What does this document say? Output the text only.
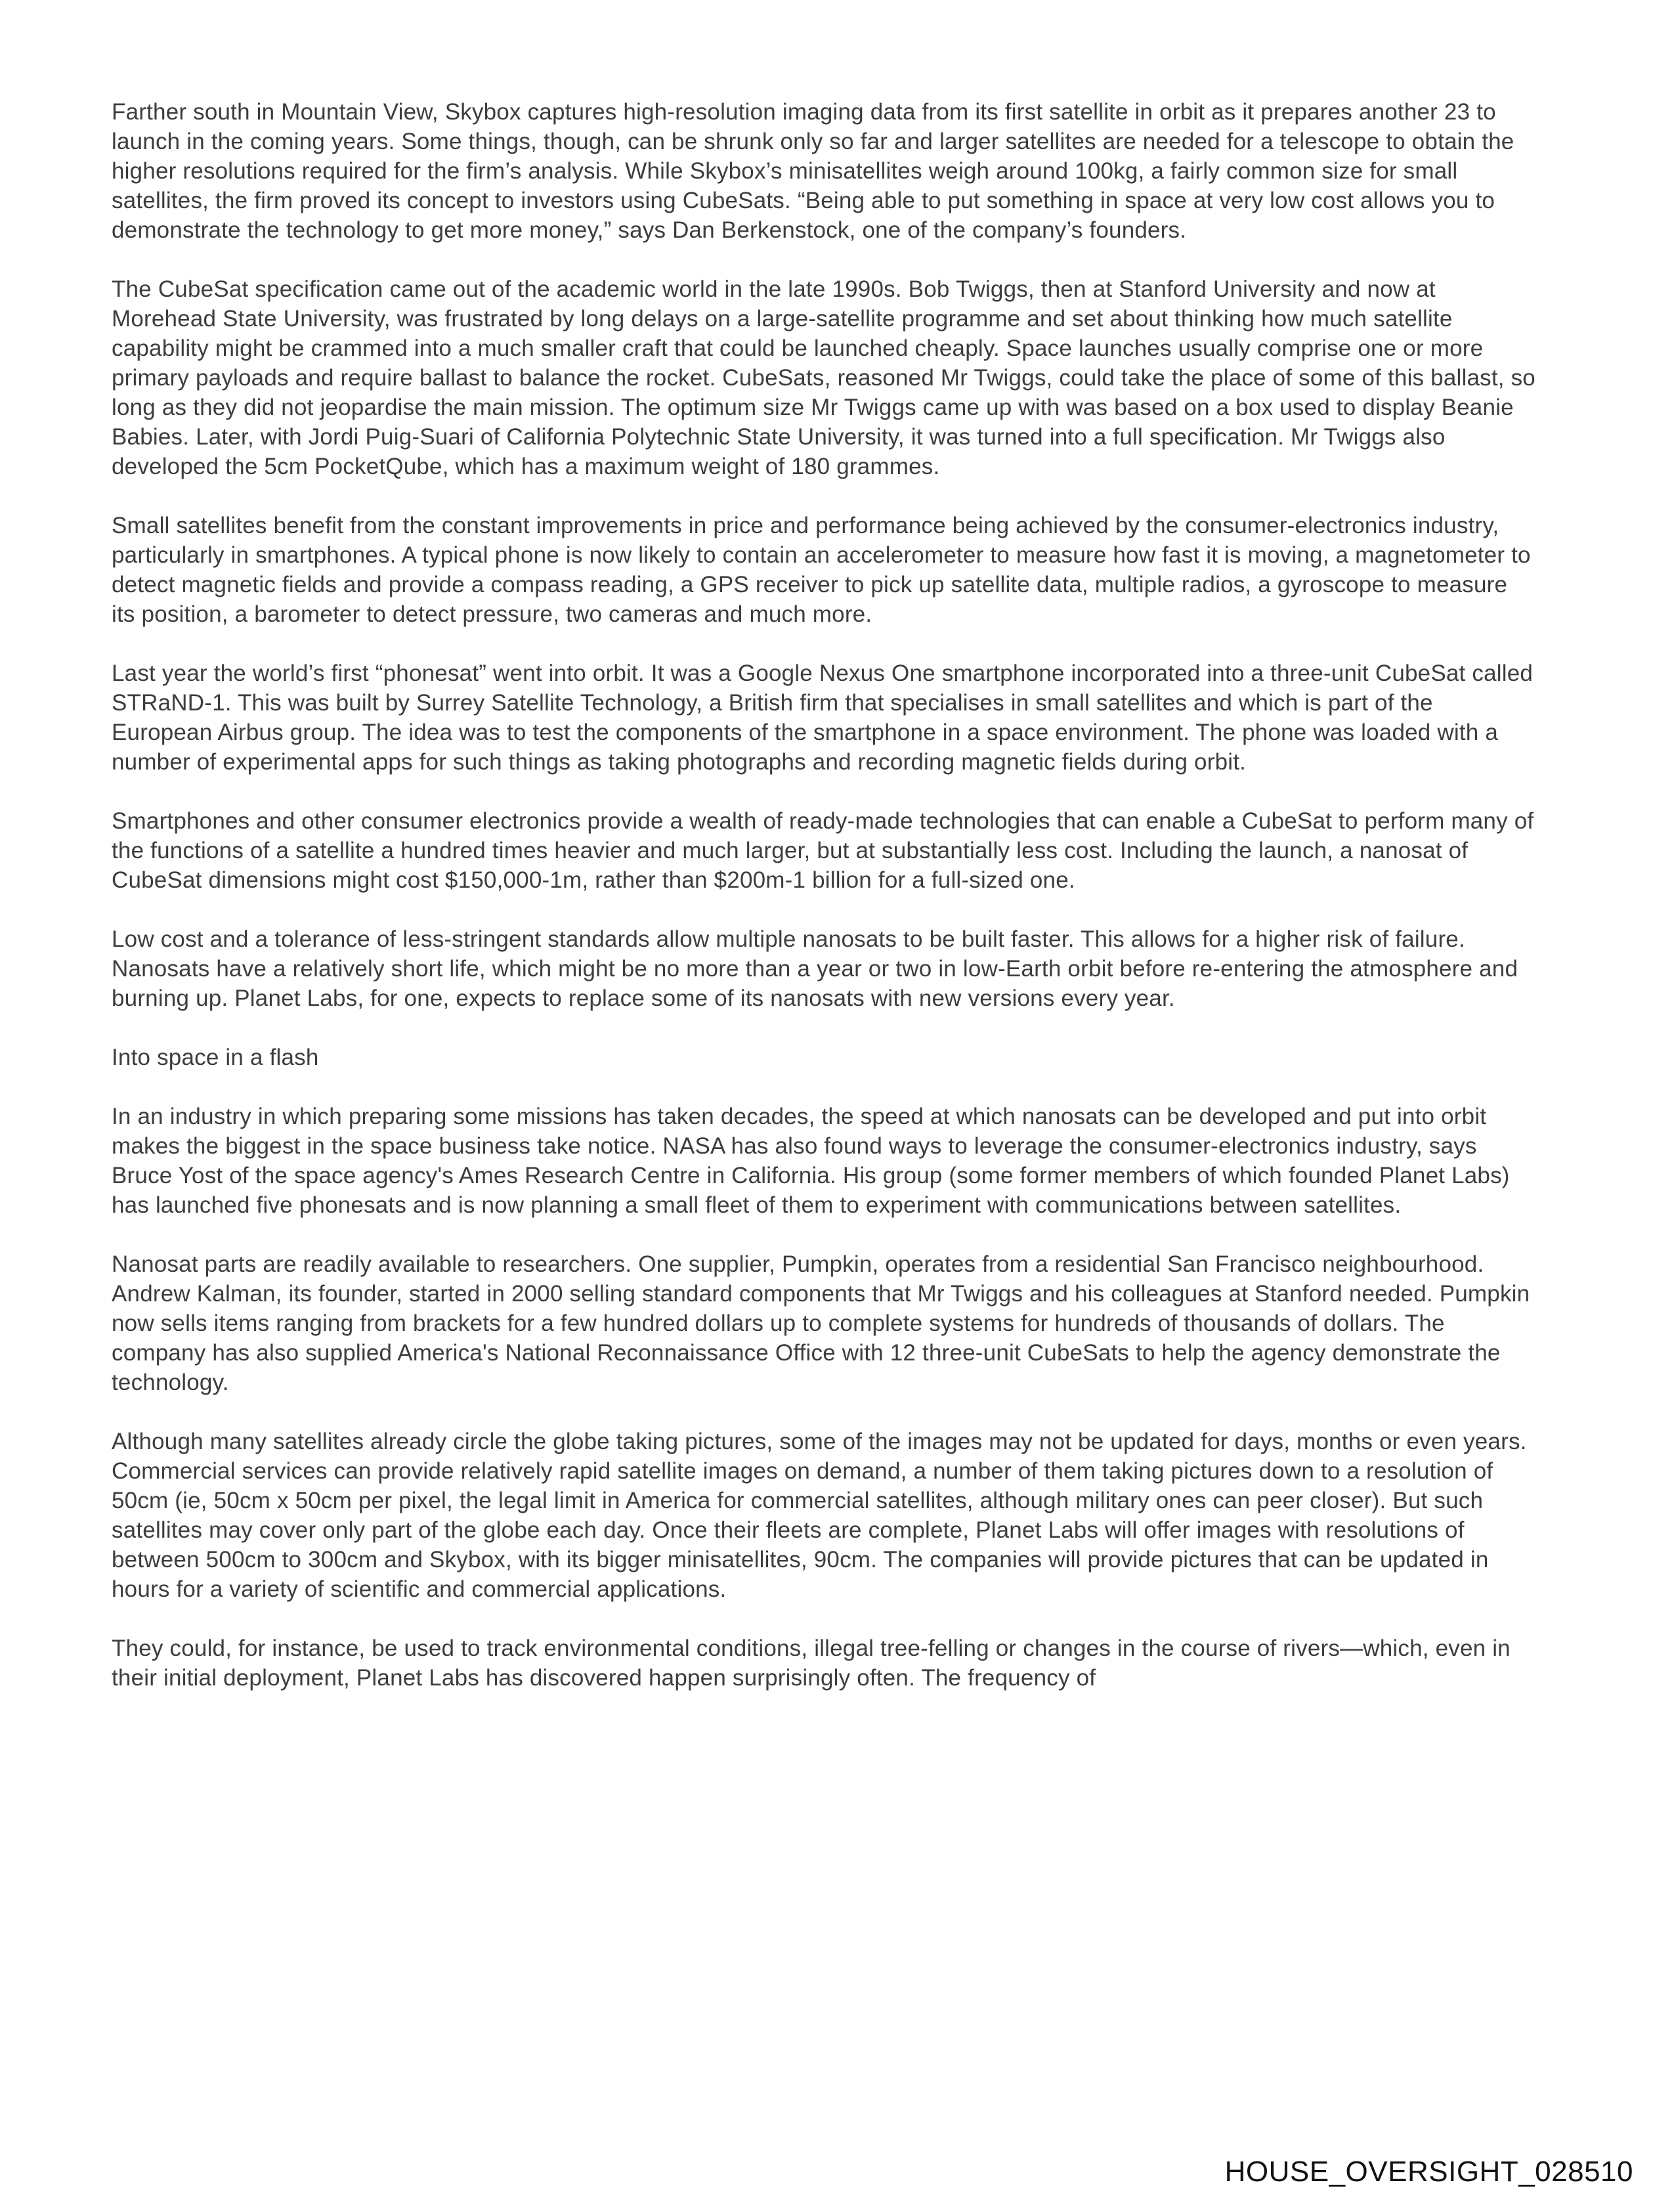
Farther south in Mountain View, Skybox captures high-resolution imaging data from its first satellite in orbit as it prepares another 23 to launch in the coming years. Some things, though, can be shrunk only so far and larger satellites are needed for a telescope to obtain the higher resolutions required for the firm’s analysis. While Skybox’s minisatellites weigh around 100kg, a fairly common size for small satellites, the firm proved its concept to investors using CubeSats. “Being able to put something in space at very low cost allows you to demonstrate the technology to get more money,” says Dan Berkenstock, one of the company’s founders.

The CubeSat specification came out of the academic world in the late 1990s. Bob Twiggs, then at Stanford University and now at Morehead State University, was frustrated by long delays on a large-satellite programme and set about thinking how much satellite capability might be crammed into a much smaller craft that could be launched cheaply. Space launches usually comprise one or more primary payloads and require ballast to balance the rocket. CubeSats, reasoned Mr Twiggs, could take the place of some of this ballast, so long as they did not jeopardise the main mission. The optimum size Mr Twiggs came up with was based on a box used to display Beanie Babies. Later, with Jordi Puig-Suari of California Polytechnic State University, it was turned into a full specification. Mr Twiggs also developed the 5cm PocketQube, which has a maximum weight of 180 grammes.

Small satellites benefit from the constant improvements in price and performance being achieved by the consumer-electronics industry, particularly in smartphones. A typical phone is now likely to contain an accelerometer to measure how fast it is moving, a magnetometer to detect magnetic fields and provide a compass reading, a GPS receiver to pick up satellite data, multiple radios, a gyroscope to measure its position, a barometer to detect pressure, two cameras and much more.

Last year the world’s first “phonesat” went into orbit. It was a Google Nexus One smartphone incorporated into a three-unit CubeSat called STRaND-1. This was built by Surrey Satellite Technology, a British firm that specialises in small satellites and which is part of the European Airbus group. The idea was to test the components of the smartphone in a space environment. The phone was loaded with a number of experimental apps for such things as taking photographs and recording magnetic fields during orbit.

Smartphones and other consumer electronics provide a wealth of ready-made technologies that can enable a CubeSat to perform many of the functions of a satellite a hundred times heavier and much larger, but at substantially less cost. Including the launch, a nanosat of CubeSat dimensions might cost $150,000-1m, rather than $200m-1 billion for a full-sized one.

Low cost and a tolerance of less-stringent standards allow multiple nanosats to be built faster. This allows for a higher risk of failure. Nanosats have a relatively short life, which might be no more than a year or two in low-Earth orbit before re-entering the atmosphere and burning up. Planet Labs, for one, expects to replace some of its nanosats with new versions every year.

Into space in a flash

In an industry in which preparing some missions has taken decades, the speed at which nanosats can be developed and put into orbit makes the biggest in the space business take notice. NASA has also found ways to leverage the consumer-electronics industry, says Bruce Yost of the space agency's Ames Research Centre in California. His group (some former members of which founded Planet Labs) has launched five phonesats and is now planning a small fleet of them to experiment with communications between satellites.

Nanosat parts are readily available to researchers. One supplier, Pumpkin, operates from a residential San Francisco neighbourhood. Andrew Kalman, its founder, started in 2000 selling standard components that Mr Twiggs and his colleagues at Stanford needed. Pumpkin now sells items ranging from brackets for a few hundred dollars up to complete systems for hundreds of thousands of dollars. The company has also supplied America's National Reconnaissance Office with 12 three-unit CubeSats to help the agency demonstrate the technology.

Although many satellites already circle the globe taking pictures, some of the images may not be updated for days, months or even years. Commercial services can provide relatively rapid satellite images on demand, a number of them taking pictures down to a resolution of 50cm (ie, 50cm x 50cm per pixel, the legal limit in America for commercial satellites, although military ones can peer closer). But such satellites may cover only part of the globe each day. Once their fleets are complete, Planet Labs will offer images with resolutions of between 500cm to 300cm and Skybox, with its bigger minisatellites, 90cm. The companies will provide pictures that can be updated in hours for a variety of scientific and commercial applications.

They could, for instance, be used to track environmental conditions, illegal tree-felling or changes in the course of rivers—which, even in their initial deployment, Planet Labs has discovered happen surprisingly often. The frequency of

HOUSE_OVERSIGHT_028510
